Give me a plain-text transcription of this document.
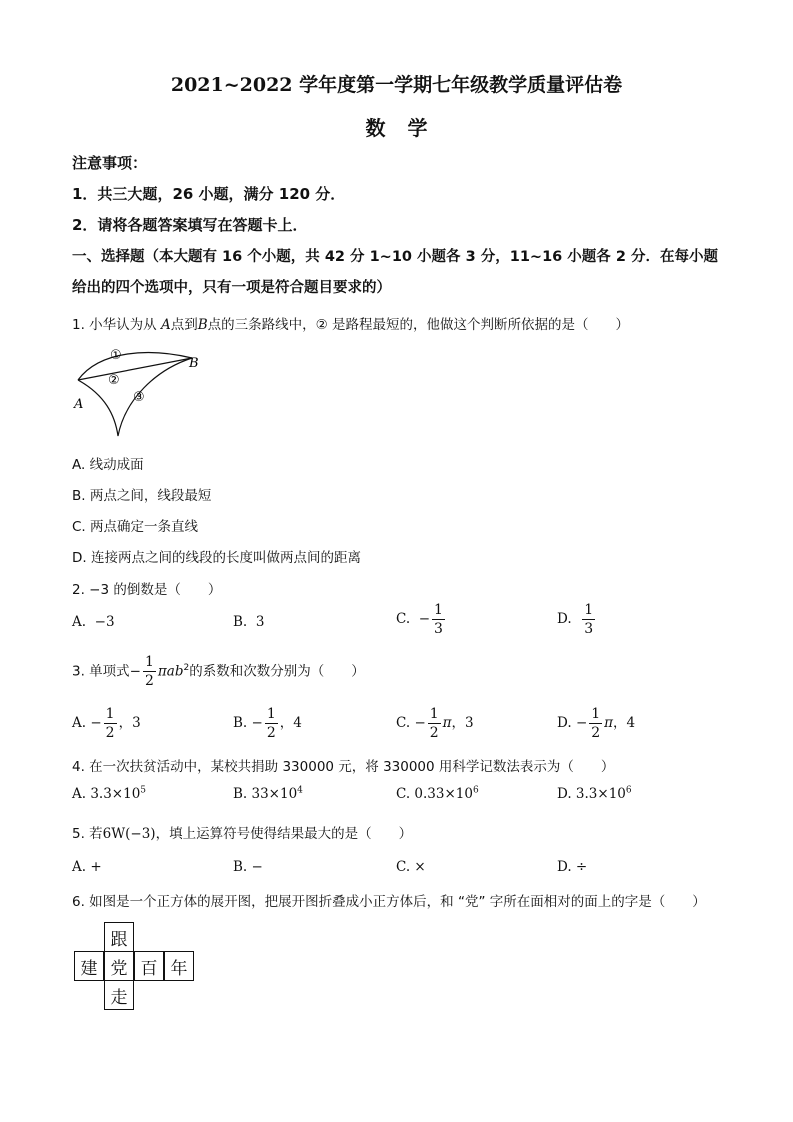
2021~2022 学年度第一学期七年级教学质量评估卷
数学
注意事项：
1．共三大题，26 小题，满分 120 分．
2．请将各题答案填写在答题卡上．
一、选择题（本大题有 16 个小题，共 42 分 1~10 小题各 3 分，11~16 小题各 2 分．在每小题
给出的四个选项中，只有一项是符合题目要求的）
1. 小华认为从 A点到B点的三条路线中，② 是路程最短的，他做这个判断所依据的是（　　）
A
B
①
②
③
A. 线动成面
B. 两点之间，线段最短
C. 两点确定一条直线
D. 连接两点之间的线段的长度叫做两点间的距离
2. −3 的倒数是（　　）
A. −3	B. 3	C. − $\frac{1}{3}$	D. $\frac{1}{3}$
3. 单项式− $\frac{1}{2} \pi ab^2$的系数和次数分别为（　　）
A. − $\frac{1}{2}$ ，3	B. − $\frac{1}{2}$ ，4	C. − $\frac{1}{2}$ π，3	D. − $\frac{1}{2}$ π，4
4. 在一次扶贫活动中，某校共捐助 330000 元，将 330000 用科学记数法表示为（　　）
A. $3.3\times 10^5$	B. $33\times 10^4$	C. $0.33\times 10^6$	D. $3.3\times 10^6$
5. 若6W(−3)，填上运算符号使得结果最大的是（　　）
A. +	B. −	C. ×	D. ÷
6. 如图是一个正方体的展开图，把展开图折叠成小正方体后，和 “党” 字所在面相对的面上的字是（　　）
跟
建 党 百 年
走
